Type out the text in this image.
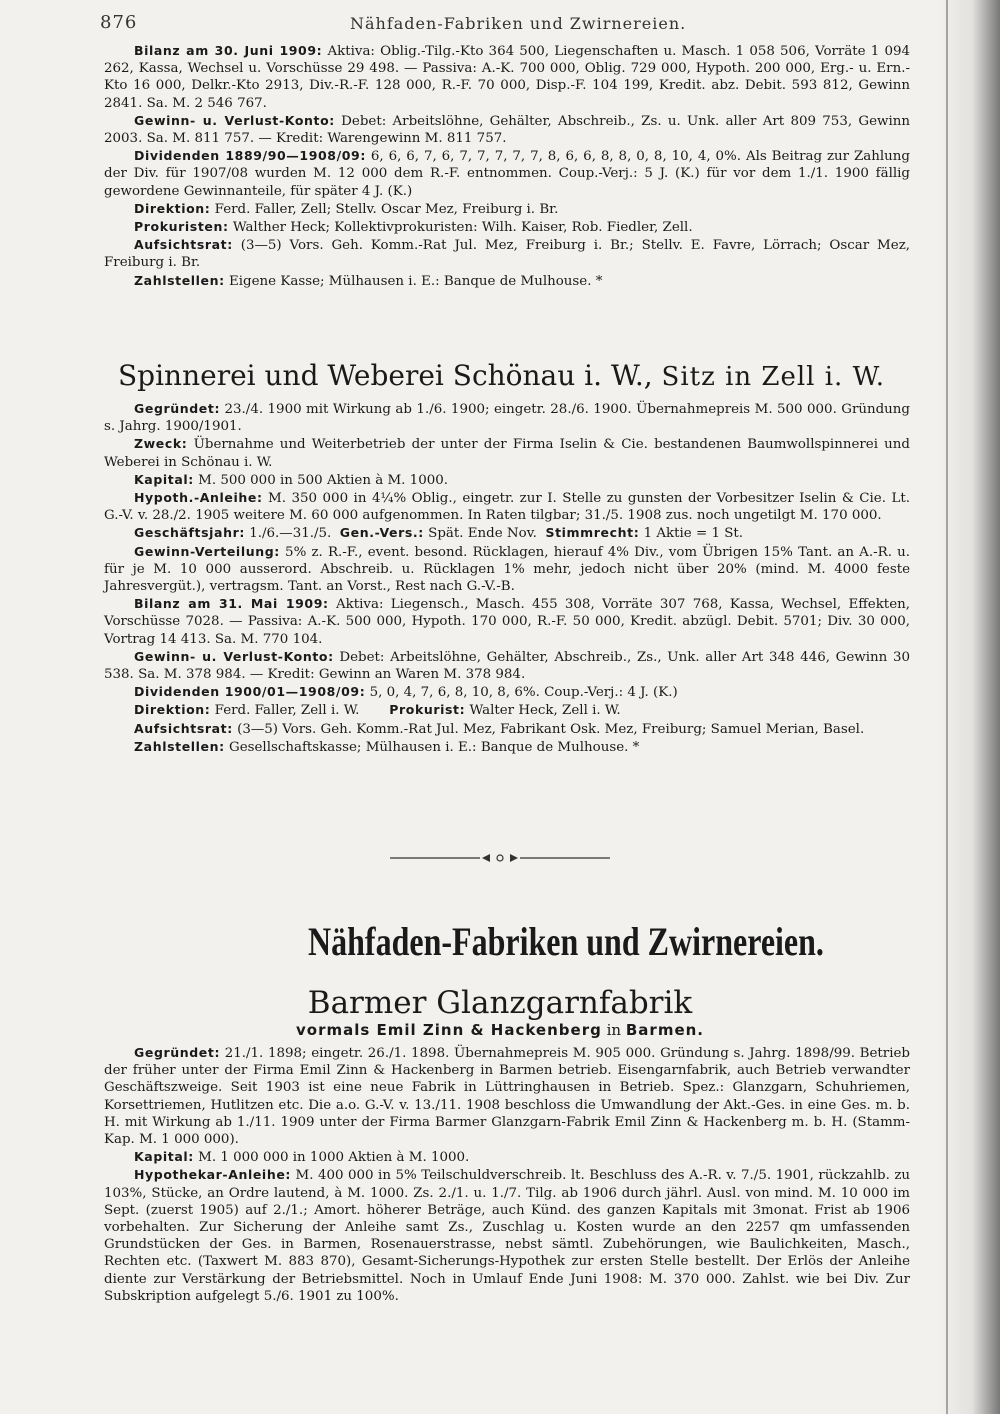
876	Nähfaden-Fabriken und Zwirnereien.

Bilanz am 30. Juni 1909: Aktiva: Oblig.-Tilg.-Kto 364 500, Liegenschaften u. Masch. 1 058 506, Vorräte 1 094 262, Kassa, Wechsel u. Vorschüsse 29 498. — Passiva: A.-K. 700 000, Oblig. 729 000, Hypoth. 200 000, Erg.- u. Ern.-Kto 16 000, Delkr.-Kto 2913, Div.-R.-F. 128 000, R.-F. 70 000, Disp.-F. 104 199, Kredit. abz. Debit. 593 812, Gewinn 2841. Sa. M. 2 546 767.

Gewinn- u. Verlust-Konto: Debet: Arbeitslöhne, Gehälter, Abschreib., Zs. u. Unk. aller Art 809 753, Gewinn 2003. Sa. M. 811 757. — Kredit: Warengewinn M. 811 757.

Dividenden 1889/90—1908/09: 6, 6, 6, 7, 6, 7, 7, 7, 7, 7, 8, 6, 6, 8, 8, 0, 8, 10, 4, 0%. Als Beitrag zur Zahlung der Div. für 1907/08 wurden M. 12 000 dem R.-F. entnommen. Coup.-Verj.: 5 J. (K.) für vor dem 1./1. 1900 fällig gewordene Gewinnanteile, für später 4 J. (K.)

Direktion: Ferd. Faller, Zell; Stellv. Oscar Mez, Freiburg i. Br.

Prokuristen: Walther Heck; Kollektivprokuristen: Wilh. Kaiser, Rob. Fiedler, Zell.

Aufsichtsrat: (3—5) Vors. Geh. Komm.-Rat Jul. Mez, Freiburg i. Br.; Stellv. E. Favre, Lörrach; Oscar Mez, Freiburg i. Br.

Zahlstellen: Eigene Kasse; Mülhausen i. E.: Banque de Mulhouse. *

Spinnerei und Weberei Schönau i. W., Sitz in Zell i. W.

Gegründet: 23./4. 1900 mit Wirkung ab 1./6. 1900; eingetr. 28./6. 1900. Übernahmepreis M. 500 000. Gründung s. Jahrg. 1900/1901.

Zweck: Übernahme und Weiterbetrieb der unter der Firma Iselin & Cie. bestandenen Baumwollspinnerei und Weberei in Schönau i. W.

Kapital: M. 500 000 in 500 Aktien à M. 1000.

Hypoth.-Anleihe: M. 350 000 in 4¼% Oblig., eingetr. zur I. Stelle zu gunsten der Vorbesitzer Iselin & Cie. Lt. G.-V. v. 28./2. 1905 weitere M. 60 000 aufgenommen. In Raten tilgbar; 31./5. 1908 zus. noch ungetilgt M. 170 000.

Geschäftsjahr: 1./6.—31./5. Gen.-Vers.: Spät. Ende Nov. Stimmrecht: 1 Aktie = 1 St.

Gewinn-Verteilung: 5% z. R.-F., event. besond. Rücklagen, hierauf 4% Div., vom Übrigen 15% Tant. an A.-R. u. für je M. 10 000 ausserord. Abschreib. u. Rücklagen 1% mehr, jedoch nicht über 20% (mind. M. 4000 feste Jahresvergüt.), vertragsm. Tant. an Vorst., Rest nach G.-V.-B.

Bilanz am 31. Mai 1909: Aktiva: Liegensch., Masch. 455 308, Vorräte 307 768, Kassa, Wechsel, Effekten, Vorschüsse 7028. — Passiva: A.-K. 500 000, Hypoth. 170 000, R.-F. 50 000, Kredit. abzügl. Debit. 5701; Div. 30 000, Vortrag 14 413. Sa. M. 770 104.

Gewinn- u. Verlust-Konto: Debet: Arbeitslöhne, Gehälter, Abschreib., Zs., Unk. aller Art 348 446, Gewinn 30 538. Sa. M. 378 984. — Kredit: Gewinn an Waren M. 378 984.

Dividenden 1900/01—1908/09: 5, 0, 4, 7, 6, 8, 10, 8, 6%. Coup.-Verj.: 4 J. (K.)

Direktion: Ferd. Faller, Zell i. W. Prokurist: Walter Heck, Zell i. W.

Aufsichtsrat: (3—5) Vors. Geh. Komm.-Rat Jul. Mez, Fabrikant Osk. Mez, Freiburg; Samuel Merian, Basel.

Zahlstellen: Gesellschaftskasse; Mülhausen i. E.: Banque de Mulhouse. *

Nähfaden-Fabriken und Zwirnereien.
Barmer Glanzgarnfabrik
vormals Emil Zinn & Hackenberg in Barmen.

Gegründet: 21./1. 1898; eingetr. 26./1. 1898. Übernahmepreis M. 905 000. Gründung s. Jahrg. 1898/99. Betrieb der früher unter der Firma Emil Zinn & Hackenberg in Barmen betrieb. Eisengarnfabrik, auch Betrieb verwandter Geschäftszweige. Seit 1903 ist eine neue Fabrik in Lüttringhausen in Betrieb. Spez.: Glanzgarn, Schuhriemen, Korsettriemen, Hutlitzen etc. Die a.o. G.-V. v. 13./11. 1908 beschloss die Umwandlung der Akt.-Ges. in eine Ges. m. b. H. mit Wirkung ab 1./11. 1909 unter der Firma Barmer Glanzgarn-Fabrik Emil Zinn & Hackenberg m. b. H. (Stamm-Kap. M. 1 000 000).

Kapital: M. 1 000 000 in 1000 Aktien à M. 1000.

Hypothekar-Anleihe: M. 400 000 in 5% Teilschuldverschreib. lt. Beschluss des A.-R. v. 7./5. 1901, rückzahlb. zu 103%, Stücke, an Ordre lautend, à M. 1000. Zs. 2./1. u. 1./7. Tilg. ab 1906 durch jährl. Ausl. von mind. M. 10 000 im Sept. (zuerst 1905) auf 2./1.; Amort. höherer Beträge, auch Künd. des ganzen Kapitals mit 3monat. Frist ab 1906 vorbehalten. Zur Sicherung der Anleihe samt Zs., Zuschlag u. Kosten wurde an den 2257 qm umfassenden Grundstücken der Ges. in Barmen, Rosenauerstrasse, nebst sämtl. Zubehörungen, wie Baulichkeiten, Masch., Rechten etc. (Taxwert M. 883 870), Gesamt-Sicherungs-Hypothek zur ersten Stelle bestellt. Der Erlös der Anleihe diente zur Verstärkung der Betriebsmittel. Noch in Umlauf Ende Juni 1908: M. 370 000. Zahlst. wie bei Div. Zur Subskription aufgelegt 5./6. 1901 zu 100%.
